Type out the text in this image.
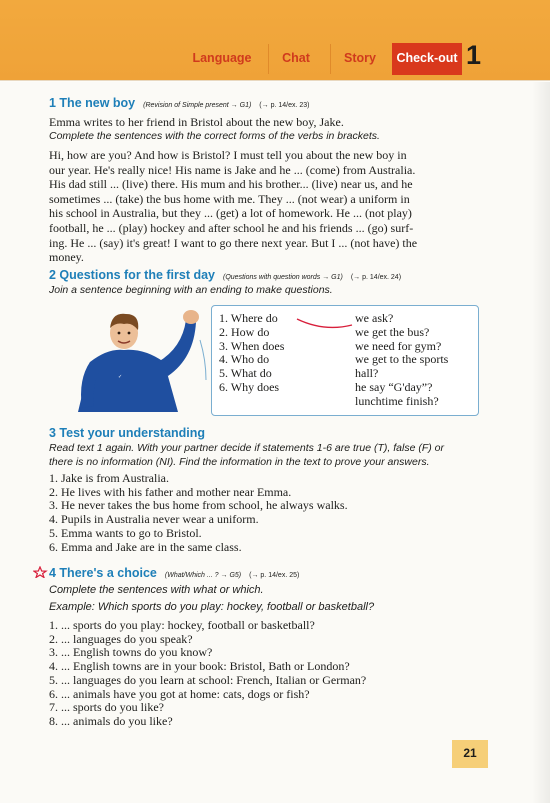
Language	Chat	Story	Check-out 1
1 The new boy (Revision of Simple present → G1) (→ p. 14/ex. 23)
Emma writes to her friend in Bristol about the new boy, Jake.
Complete the sentences with the correct forms of the verbs in brackets.
Hi, how are you? And how is Bristol? I must tell you about the new boy in
our year. He's really nice! His name is Jake and he ... (come) from Australia.
His dad still ... (live) there. His mum and his brother... (live) near us, and he
sometimes ... (take) the bus home with me. They ... (not wear) a uniform in
his school in Australia, but they ... (get) a lot of homework. He ... (not play)
football, he ... (play) hockey and after school he and his friends ... (go) surf-
ing. He ... (say) it's great! I want to go there next year. But I ... (not have) the
money.
2 Questions for the first day (Questions with question words → G1) (→ p. 14/ex. 24)
Join a sentence beginning with an ending to make questions.
✓
1. Where do
2. How do
3. When does
4. Who do
5. What do
6. Why does
we ask?
we get the bus?
we need for gym?
we get to the sports
hall?
he say “G'day”?
lunchtime finish?
3 Test your understanding
Read text 1 again. With your partner decide if statements 1-6 are true (T), false (F) or
there is no information (NI). Find the information in the text to prove your answers.
1. Jake is from Australia.
2. He lives with his father and mother near Emma.
3. He never takes the bus home from school, he always walks.
4. Pupils in Australia never wear a uniform.
5. Emma wants to go to Bristol.
6. Emma and Jake are in the same class.
4 There's a choice (What/Which ... ? → G5) (→ p. 14/ex. 25)
Complete the sentences with what or which.
Example: Which sports do you play: hockey, football or basketball?
1. ... sports do you play: hockey, football or basketball?
2. ... languages do you speak?
3. ... English towns do you know?
4. ... English towns are in your book: Bristol, Bath or London?
5. ... languages do you learn at school: French, Italian or German?
6. ... animals have you got at home: cats, dogs or fish?
7. ... sports do you like?
8. ... animals do you like?
21
